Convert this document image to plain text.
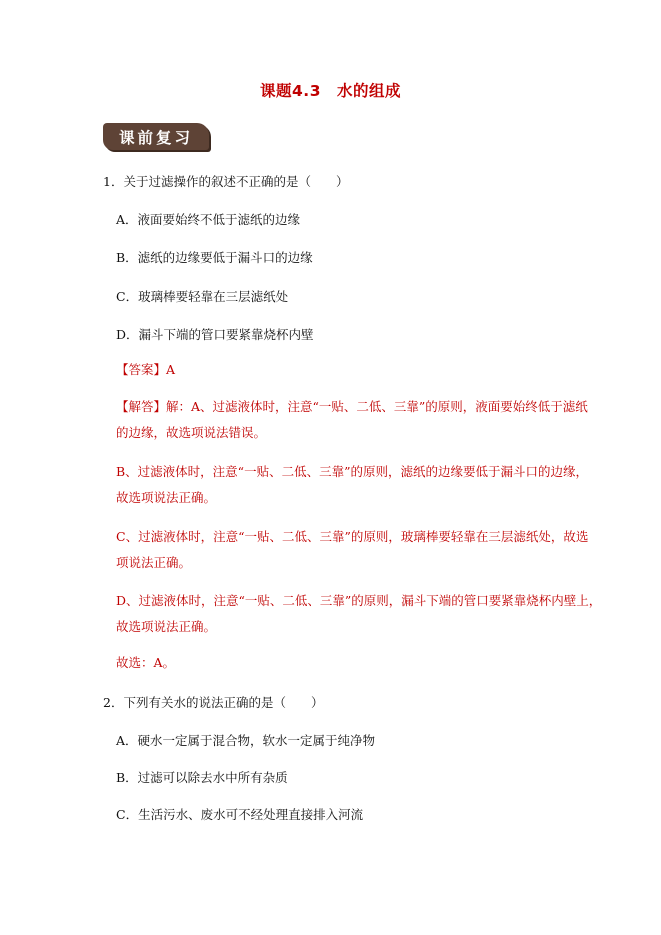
课题4.3　水的组成
课前复习
1．关于过滤操作的叙述不正确的是（　　）
A．液面要始终不低于滤纸的边缘
B．滤纸的边缘要低于漏斗口的边缘
C．玻璃棒要轻靠在三层滤纸处
D．漏斗下端的管口要紧靠烧杯内壁
【答案】A
【解答】解：A、过滤液体时，注意“一贴、二低、三靠”的原则，液面要始终低于滤纸
的边缘，故选项说法错误。
B、过滤液体时，注意“一贴、二低、三靠”的原则，滤纸的边缘要低于漏斗口的边缘，
故选项说法正确。
C、过滤液体时，注意“一贴、二低、三靠”的原则，玻璃棒要轻靠在三层滤纸处，故选
项说法正确。
D、过滤液体时，注意“一贴、二低、三靠”的原则，漏斗下端的管口要紧靠烧杯内壁上，
故选项说法正确。
故选：A。
2．下列有关水的说法正确的是（　　）
A．硬水一定属于混合物，软水一定属于纯净物
B．过滤可以除去水中所有杂质
C．生活污水、废水可不经处理直接排入河流
